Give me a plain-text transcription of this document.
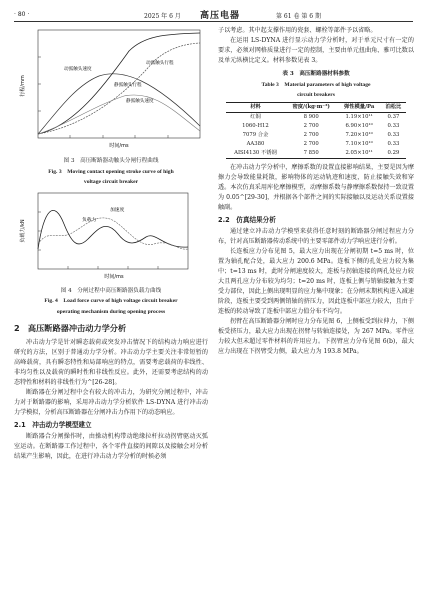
· 80 ·	2025 年 6 月 高压电器	第 61 卷 第 6 期
行程/mm
时间/ms
动弧触头速度
动弧触头行程
静弧触头行程
静弧触头速度
图 3　高压断路器动触头分闸行程曲线
Fig. 3　Moving contact opening stroke curve of high
voltage circuit breaker
负载力/kN
时间/ms
负载力
加速度
图 4　分闸过程中高压断路器负载力曲线
Fig. 4　Load force curve of high voltage circuit breaker
operating mechanism during opening process
2　高压断路器冲击动力学分析

冲击动力学是针对瞬态载荷或突发冲击情况下的结构动力响应进行研究的方法，区别于普通动力学分析。冲击动力学主要关注非常短暂的高峰载荷，具有瞬态特性和局部响应的特点，需要考虑载荷的非线性、非均匀性以及载荷的瞬时性和非线性反应。此外，还需要考虑结构的动态特性和材料的非线性行为^[26-28]。

断路器在分闸过程中会有较大的冲击力，为研究分闸过程中，冲击力对于断路器的影响，采用冲击动力学分析软件 LS-DYNA 进行冲击动力学模拟，分析高压断路器在分闸冲击力作用下的动态响应。

2.1　冲击动力学模型建立

断路器合分闸操作时，由操动机构带动绝缘拉杆拉动拐臂驱动灭弧室运动。在断路器工作过程中，各个零件直接的间隙以及接触会对分析结果产生影响，因此，在进行冲击动力学分析的时候必须

子以考虑。其中起支撑作用的瓷套、螺栓等部件予以省略。

在运用 LS-DYNA 进行显示动力学分析时，对于单元尺寸有一定的要求，必须对网格质量进行一定的控制，主要由单元扭曲角、雅可比数以及单元纵横比定义。材料参数见表 3。

表 3　高压断路器材料参数
Table 3　Material parameters of high voltage
circuit breakers
材料	密度/(kg·m⁻³)	弹性模量/Pa	泊松比
红铜	8 900	1.19×10¹¹	0.37
1060-H12	2 700	6.90×10¹⁰	0.33
7079 合金	2 700	7.20×10¹⁰	0.33
AA380	2 700	7.10×10¹⁰	0.33
AISI4130 不锈钢	7 850	2.05×10¹¹	0.29

在冲击动力学分析中，摩擦系数的设置直接影响结果，主要是因为摩擦力会导致能量耗散，影响物体的运动轨迹和速度，防止接触失效和穿透。本次仿真采用库伦摩擦模型，动摩擦系数与静摩擦系数保持一致设置为 0.05^[29-30]，并根据各个部件之间的实际接触以及运动关系设置接触副。

2.2　仿真结果分析

通过建立冲击动力学模型来获得任意时刻的断路器分闸过程应力分布，针对高压断路器传动系统中的主要零部件动力学响应进行分析。

长连板应力分布见图 5，最大应力出现在分闸初期 t=5 ms 时，位置为轴孔配合处，最大应力 200.6 MPa。连板下侧的孔处应力较为集中；t=13 ms 时，此时分闸速度较大，连板与拐轴连接的两孔处应力较大且两孔应力分布较为均匀；t=20 ms 时，连板上侧与销轴接触为主要受力部位，因此上侧出现明显的应力集中现象；在分闸末期机构进入减速阶段，连板主要受到两侧销轴的挤压力，因此连板中部应力较大，且由于连板的转动导致了连板中部应力值分布不均匀。

拐臂在高压断路器分闸时应力分布见图 6，上侧板受到拉伸力，下侧板受挤压力，最大应力出现在拐臂与转轴连接处，为 267 MPa。零件应力较大但未超过零件材料的许用应力。下拐臂应力分布见图 6(b)，最大应力出现在下拐臂受力侧，最大应力为 193.8 MPa。
